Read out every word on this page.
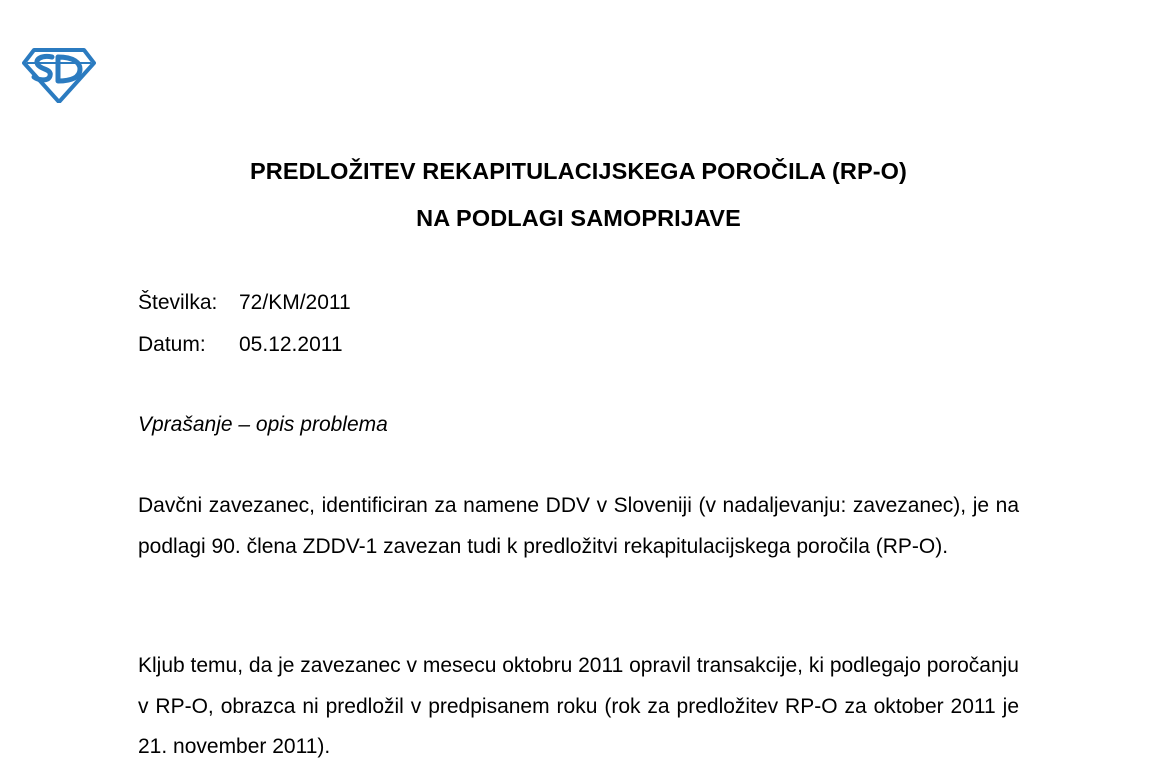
PREDLOŽITEV REKAPITULACIJSKEGA POROČILA (RP-O)
NA PODLAGI SAMOPRIJAVE
Številka:	72/KM/2011
Datum:	05.12.2011
Vprašanje – opis problema
Davčni zavezanec, identificiran za namene DDV v Sloveniji (v nadaljevanju: zavezanec), je na podlagi 90. člena ZDDV-1 zavezan tudi k predložitvi rekapitulacijskega poročila (RP-O).
Kljub temu, da je zavezanec v mesecu oktobru 2011 opravil transakcije, ki podlegajo poročanju v RP-O, obrazca ni predložil v predpisanem roku (rok za predložitev RP-O za oktober 2011 je 21. november 2011).
